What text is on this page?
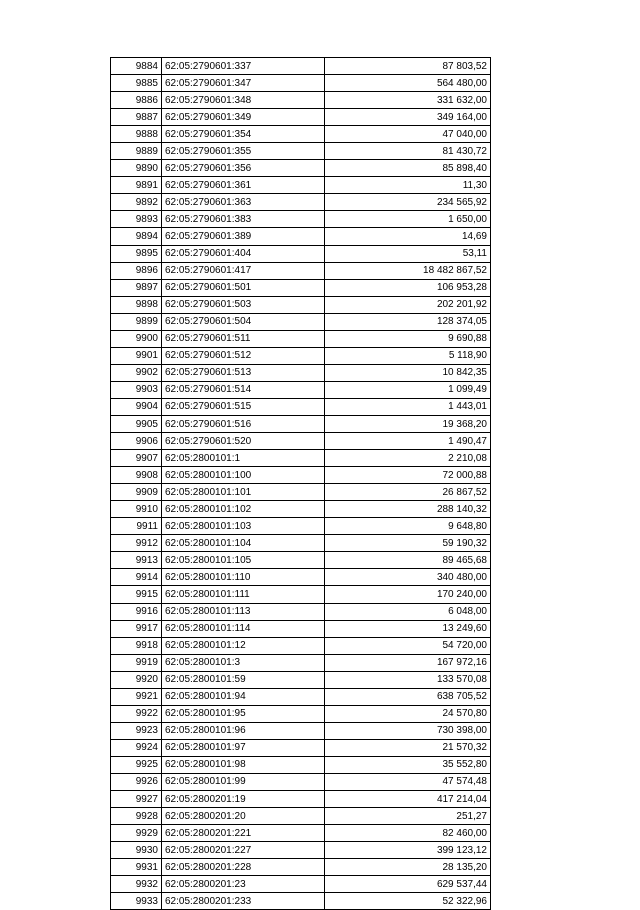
9884	62:05:2790601:337	87 803,52
9885	62:05:2790601:347	564 480,00
9886	62:05:2790601:348	331 632,00
9887	62:05:2790601:349	349 164,00
9888	62:05:2790601:354	47 040,00
9889	62:05:2790601:355	81 430,72
9890	62:05:2790601:356	85 898,40
9891	62:05:2790601:361	11,30
9892	62:05:2790601:363	234 565,92
9893	62:05:2790601:383	1 650,00
9894	62:05:2790601:389	14,69
9895	62:05:2790601:404	53,11
9896	62:05:2790601:417	18 482 867,52
9897	62:05:2790601:501	106 953,28
9898	62:05:2790601:503	202 201,92
9899	62:05:2790601:504	128 374,05
9900	62:05:2790601:511	9 690,88
9901	62:05:2790601:512	5 118,90
9902	62:05:2790601:513	10 842,35
9903	62:05:2790601:514	1 099,49
9904	62:05:2790601:515	1 443,01
9905	62:05:2790601:516	19 368,20
9906	62:05:2790601:520	1 490,47
9907	62:05:2800101:1	2 210,08
9908	62:05:2800101:100	72 000,88
9909	62:05:2800101:101	26 867,52
9910	62:05:2800101:102	288 140,32
9911	62:05:2800101:103	9 648,80
9912	62:05:2800101:104	59 190,32
9913	62:05:2800101:105	89 465,68
9914	62:05:2800101:110	340 480,00
9915	62:05:2800101:111	170 240,00
9916	62:05:2800101:113	6 048,00
9917	62:05:2800101:114	13 249,60
9918	62:05:2800101:12	54 720,00
9919	62:05:2800101:3	167 972,16
9920	62:05:2800101:59	133 570,08
9921	62:05:2800101:94	638 705,52
9922	62:05:2800101:95	24 570,80
9923	62:05:2800101:96	730 398,00
9924	62:05:2800101:97	21 570,32
9925	62:05:2800101:98	35 552,80
9926	62:05:2800101:99	47 574,48
9927	62:05:2800201:19	417 214,04
9928	62:05:2800201:20	251,27
9929	62:05:2800201:221	82 460,00
9930	62:05:2800201:227	399 123,12
9931	62:05:2800201:228	28 135,20
9932	62:05:2800201:23	629 537,44
9933	62:05:2800201:233	52 322,96
